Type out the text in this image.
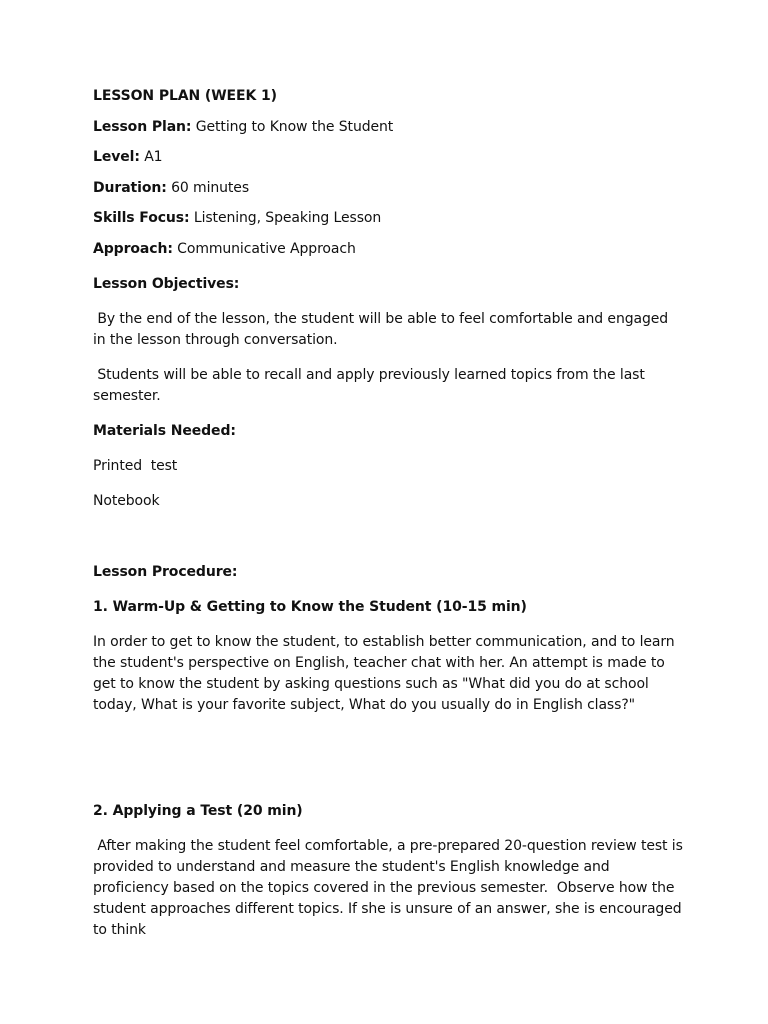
LESSON PLAN (WEEK 1)

Lesson Plan: Getting to Know the Student

Level: A1

Duration: 60 minutes

Skills Focus: Listening, Speaking Lesson

Approach: Communicative Approach

Lesson Objectives:

By the end of the lesson, the student will be able to feel comfortable and engaged in the lesson through conversation.

Students will be able to recall and apply previously learned topics from the last semester.

Materials Needed:

Printed  test

Notebook

Lesson Procedure:

1. Warm-Up & Getting to Know the Student (10-15 min)

In order to get to know the student, to establish better communication, and to learn the student's perspective on English, teacher chat with her. An attempt is made to get to know the student by asking questions such as "What did you do at school today, What is your favorite subject, What do you usually do in English class?"

2. Applying a Test (20 min)

After making the student feel comfortable, a pre-prepared 20-question review test is provided to understand and measure the student's English knowledge and proficiency based on the topics covered in the previous semester.  Observe how the student approaches different topics. If she is unsure of an answer, she is encouraged to think
